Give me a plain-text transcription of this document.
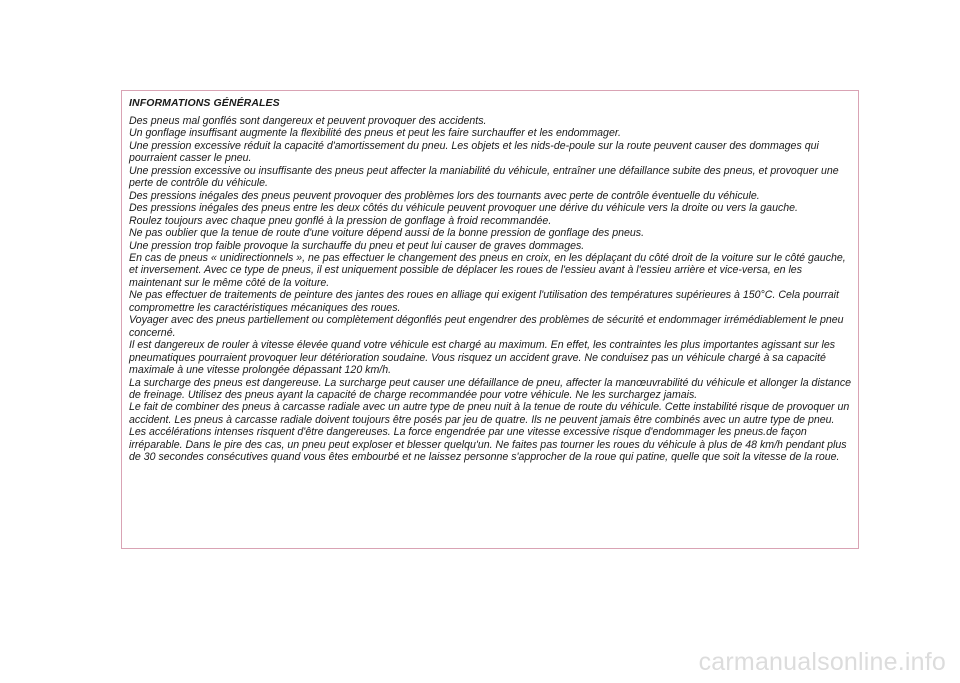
INFORMATIONS GÉNÉRALES

Des pneus mal gonflés sont dangereux et peuvent provoquer des accidents.

Un gonflage insuffisant augmente la flexibilité des pneus et peut les faire surchauffer et les endommager.

Une pression excessive réduit la capacité d'amortissement du pneu. Les objets et les nids-de-poule sur la route peuvent causer des dommages qui pourraient casser le pneu.

Une pression excessive ou insuffisante des pneus peut affecter la maniabilité du véhicule, entraîner une défaillance subite des pneus, et provoquer une perte de contrôle du véhicule.

Des pressions inégales des pneus peuvent provoquer des problèmes lors des tournants avec perte de contrôle éventuelle du véhicule.

Des pressions inégales des pneus entre les deux côtés du véhicule peuvent provoquer une dérive du véhicule vers la droite ou vers la gauche.

Roulez toujours avec chaque pneu gonflé à la pression de gonflage à froid recommandée.

Ne pas oublier que la tenue de route d'une voiture dépend aussi de la bonne pression de gonflage des pneus.

Une pression trop faible provoque la surchauffe du pneu et peut lui causer de graves dommages.

En cas de pneus « unidirectionnels », ne pas effectuer le changement des pneus en croix, en les déplaçant du côté droit de la voiture sur le côté gauche, et inversement. Avec ce type de pneus, il est uniquement possible de déplacer les roues de l'essieu avant à l'essieu arrière et vice-versa, en les maintenant sur le même côté de la voiture.

Ne pas effectuer de traitements de peinture des jantes des roues en alliage qui exigent l'utilisation des températures supérieures à 150°C. Cela pourrait compromettre les caractéristiques mécaniques des roues.

Voyager avec des pneus partiellement ou complètement dégonflés peut engendrer des problèmes de sécurité et endommager irrémédiablement le pneu concerné.

Il est dangereux de rouler à vitesse élevée quand votre véhicule est chargé au maximum. En effet, les contraintes les plus importantes agissant sur les pneumatiques pourraient provoquer leur détérioration soudaine. Vous risquez un accident grave. Ne conduisez pas un véhicule chargé à sa capacité maximale à une vitesse prolongée dépassant 120 km/h.

La surcharge des pneus est dangereuse. La surcharge peut causer une défaillance de pneu, affecter la manœuvrabilité du véhicule et allonger la distance de freinage. Utilisez des pneus ayant la capacité de charge recommandée pour votre véhicule. Ne les surchargez jamais.

Le fait de combiner des pneus à carcasse radiale avec un autre type de pneu nuit à la tenue de route du véhicule. Cette instabilité risque de provoquer un accident. Les pneus à carcasse radiale doivent toujours être posés par jeu de quatre. Ils ne peuvent jamais être combinés avec un autre type de pneu.

Les accélérations intenses risquent d'être dangereuses. La force engendrée par une vitesse excessive risque d'endommager les pneus.de façon irréparable. Dans le pire des cas, un pneu peut exploser et blesser quelqu'un. Ne faites pas tourner les roues du véhicule à plus de 48 km/h pendant plus de 30 secondes consécutives quand vous êtes embourbé et ne laissez personne s'approcher de la roue qui patine, quelle que soit la vitesse de la roue.

carmanualsonline.info
